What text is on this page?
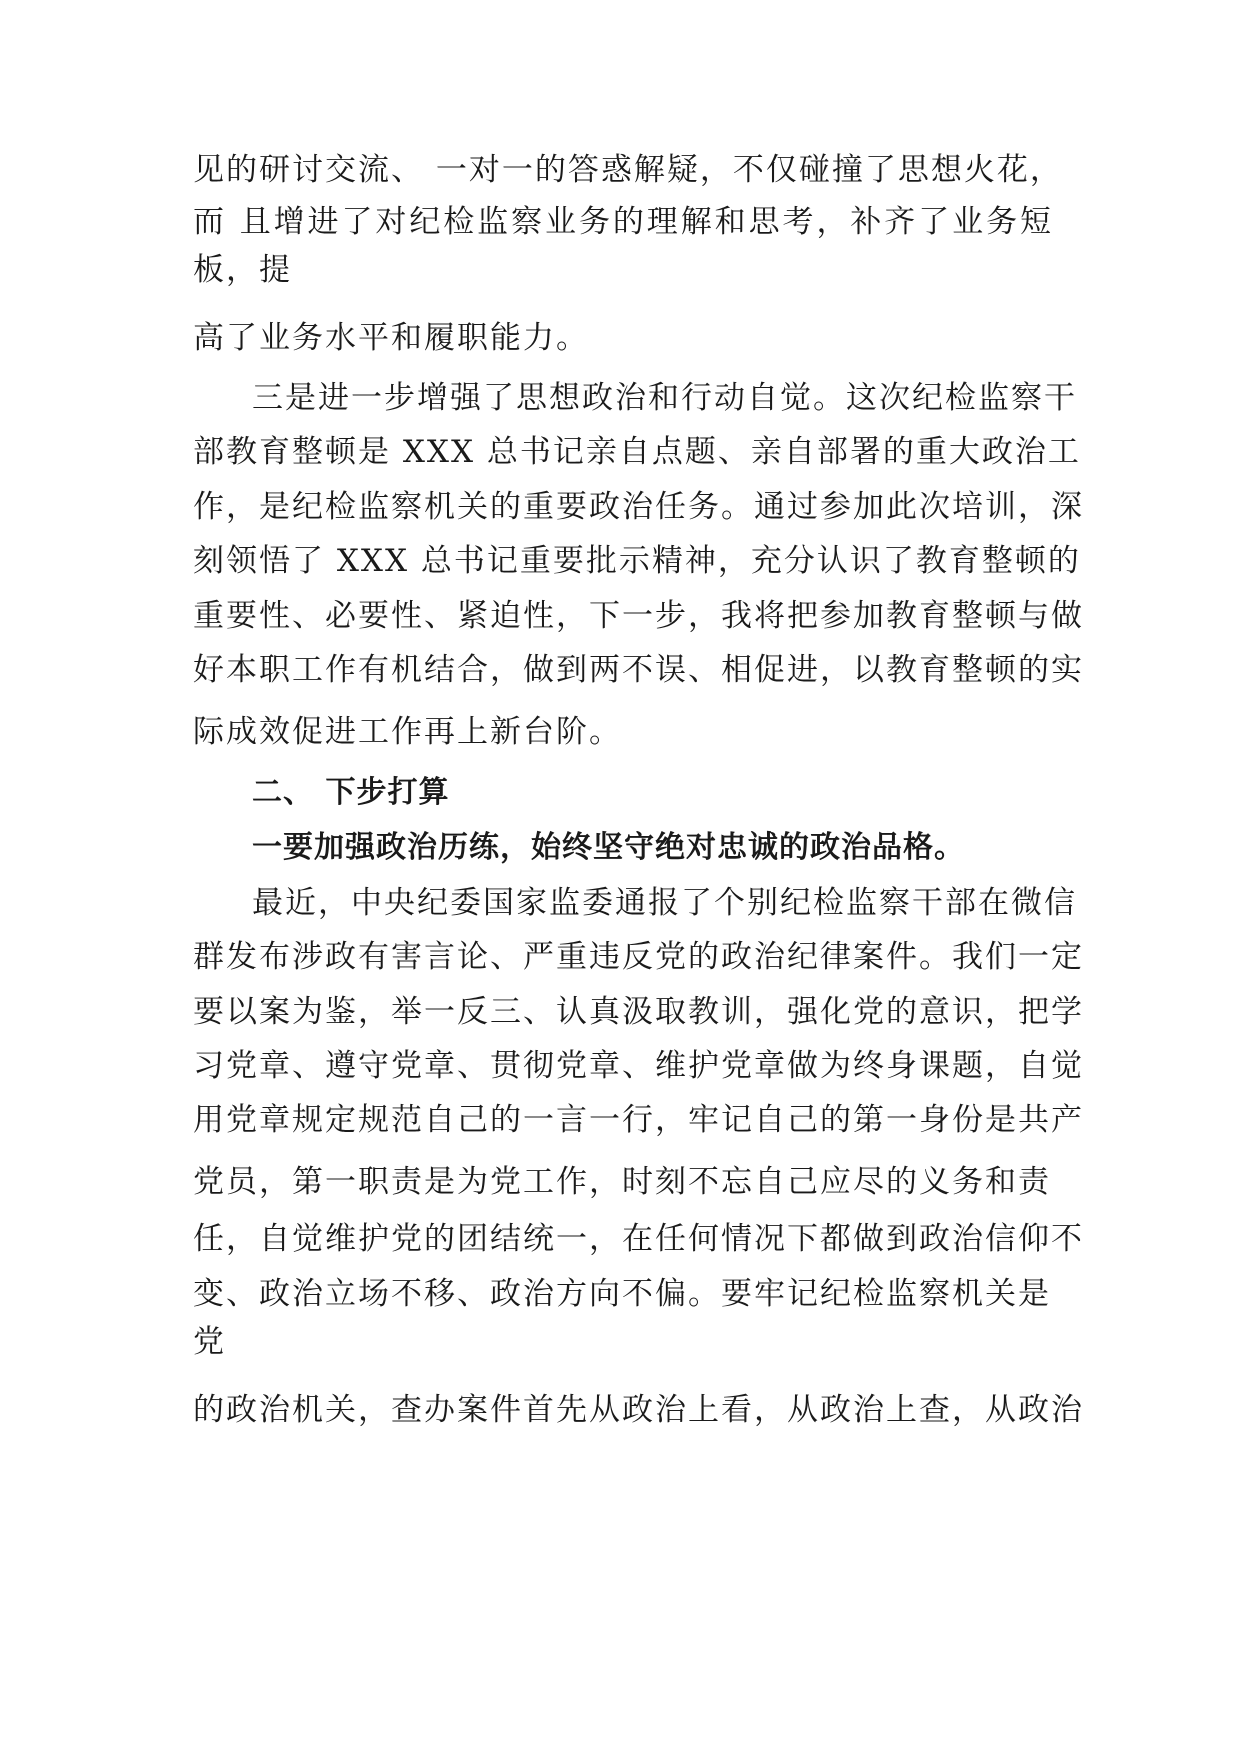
见的研讨交流、 一对一的答惑解疑，不仅碰撞了思想火花，
而 且增进了对纪检监察业务的理解和思考，补齐了业务短
板，提
高了业务水平和履职能力。
三是进一步增强了思想政治和行动自觉。这次纪检监察干
部教育整顿是 XXX 总书记亲自点题、亲自部署的重大政治工
作，是纪检监察机关的重要政治任务。通过参加此次培训，深
刻领悟了 XXX 总书记重要批示精神，充分认识了教育整顿的
重要性、必要性、紧迫性，下一步，我将把参加教育整顿与做
好本职工作有机结合，做到两不误、相促进，以教育整顿的实
际成效促进工作再上新台阶。
二、 下步打算
一要加强政治历练，始终坚守绝对忠诚的政治品格。
最近，中央纪委国家监委通报了个别纪检监察干部在微信
群发布涉政有害言论、严重违反党的政治纪律案件。我们一定
要以案为鉴，举一反三、认真汲取教训，强化党的意识，把学
习党章、遵守党章、贯彻党章、维护党章做为终身课题，自觉
用党章规定规范自己的一言一行，牢记自己的第一身份是共产
党员，第一职责是为党工作，时刻不忘自己应尽的义务和责
任，自觉维护党的团结统一，在任何情况下都做到政治信仰不
变、政治立场不移、政治方向不偏。要牢记纪检监察机关是
党
的政治机关，查办案件首先从政治上看，从政治上查，从政治
